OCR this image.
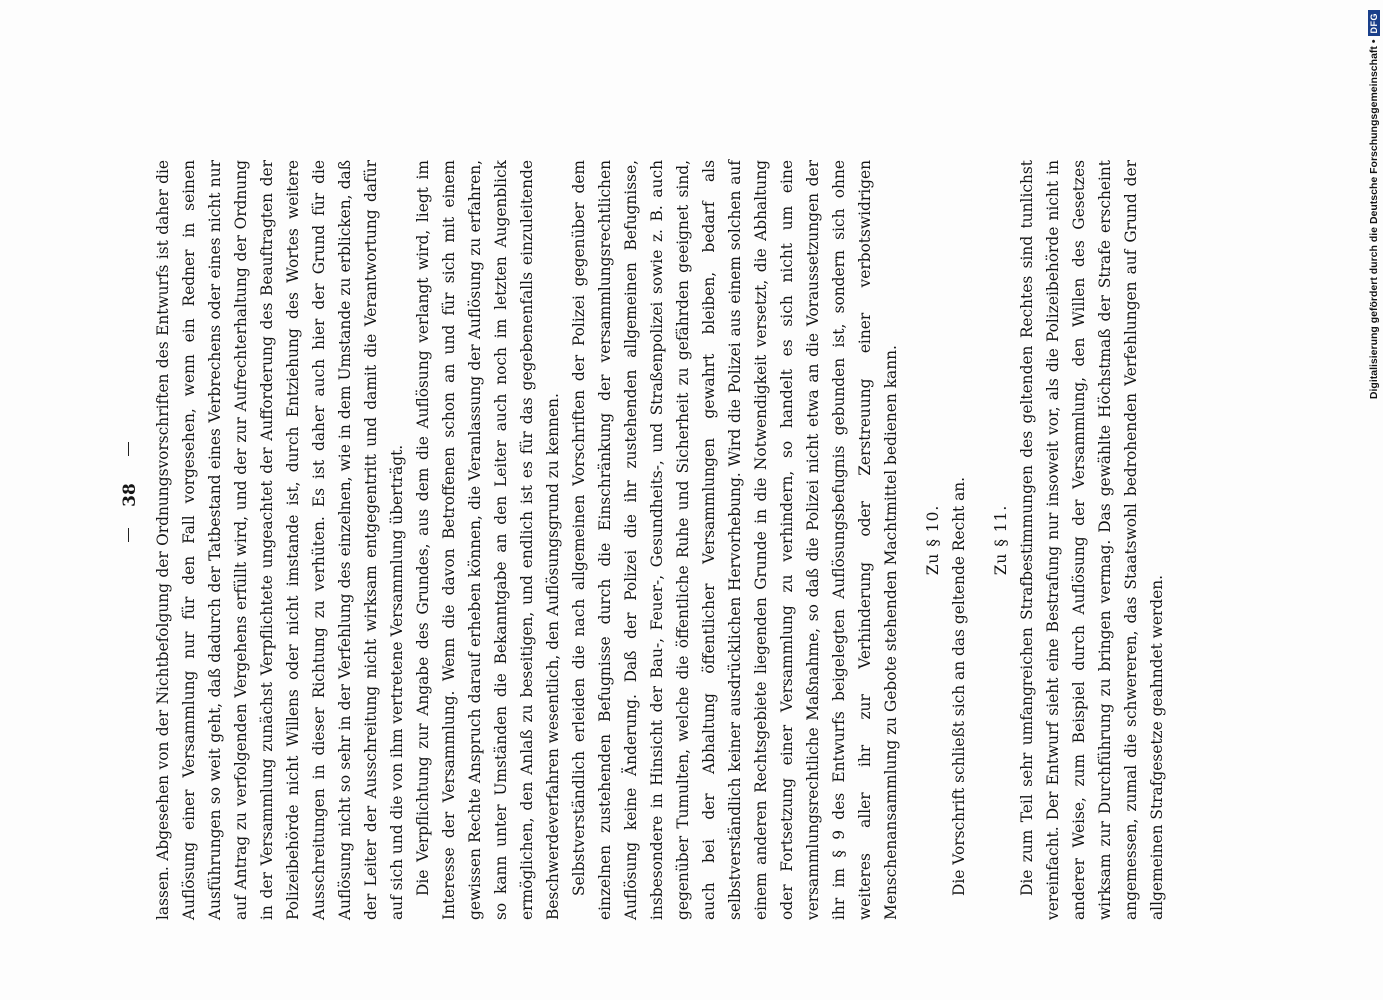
38 lassen. Abgesehen von der Nichtbefolgung der Ordnungsvorschriften des Entwurfs ist daher die Auflösung einer Versammlung nur für den Fall vorgesehen, wenn ein Redner in seinen Ausführungen so weit geht, daß dadurch der Tatbestand eines Verbrechens oder eines nicht nur auf Antrag zu verfolgenden Vergehens erfüllt wird, und der zur Aufrechterhaltung der Ordnung in der Versammlung zunächst Verpflichtete ungeachtet der Aufforderung des Beauftragten der Polizeibehörde nicht Willens oder nicht imstande ist, durch Entziehung des Wortes weitere Ausschreitungen in dieser Richtung zu verhüten. Es ist daher auch hier der Grund für die Auflösung nicht so sehr in der Verfehlung des einzelnen, wie in dem Umstande zu erblicken, daß der Leiter der Ausschreitung nicht wirksam entgegentritt und damit die Verantwortung dafür auf sich und die von ihm vertretene Versammlung überträgt. Die Verpflichtung zur Angabe des Grundes, aus dem die Auflösung verlangt wird, liegt im Interesse der Versammlung. Wenn die davon Betroffenen schon an und für sich mit einem gewissen Rechte Anspruch darauf erheben können, die Veranlassung der Auflösung zu erfahren, so kann unter Umständen die Bekanntgabe an den Leiter auch noch im letzten Augenblick ermöglichen, den Anlaß zu beseitigen, und endlich ist es für das gegebenenfalls einzuleitende Beschwerdeverfahren wesentlich, den Auflösungsgrund zu kennen. Selbstverständlich erleiden die nach allgemeinen Vorschriften der Polizei gegenüber dem einzelnen zustehenden Befugnisse durch die Einschränkung der versammlungsrechtlichen Auflösung keine Änderung. Daß der Polizei die ihr zustehenden allgemeinen Befugnisse, insbesondere in Hinsicht der Bau-, Feuer-, Gesundheits-, und Straßenpolizei sowie z. B. auch gegenüber Tumulten, welche die öffentliche Ruhe und Sicherheit zu gefährden geeignet sind, auch bei der Abhaltung öffentlicher Versammlungen gewahrt bleiben, bedarf als selbstverständlich keiner ausdrücklichen Hervorhebung. Wird die Polizei aus einem solchen auf einem anderen Rechtsgebiete liegenden Grunde in die Notwendigkeit versetzt, die Abhaltung oder Fortsetzung einer Versammlung zu verhindern, so handelt es sich nicht um eine versammlungsrechtliche Maßnahme, so daß die Polizei nicht etwa an die Voraussetzungen der ihr im § 9 des Entwurfs beigelegten Auflösungsbefugnis gebunden ist, sondern sich ohne weiteres aller ihr zur Verhinderung oder Zerstreuung einer verbotswidrigen Menschenansammlung zu Gebote stehenden Machtmittel bedienen kann. Zu § 10. Die Vorschrift schließt sich an das geltende Recht an. Zu § 11. Die zum Teil sehr umfangreichen Strafbestimmungen des geltenden Rechtes sind tunlichst vereinfacht. Der Entwurf sieht eine Bestrafung nur insoweit vor, als die Polizeibehörde nicht in anderer Weise, zum Beispiel durch Auflösung der Versammlung, den Willen des Gesetzes wirksam zur Durchführung zu bringen vermag. Das gewählte Höchstmaß der Strafe erscheint angemessen, zumal die schwereren, das Staatswohl bedrohenden Verfehlungen auf Grund der allgemeinen Strafgesetze geahndet werden.

Digitalisierung gefördert durch die Deutsche Forschungsgemeinschaft •
DFG
